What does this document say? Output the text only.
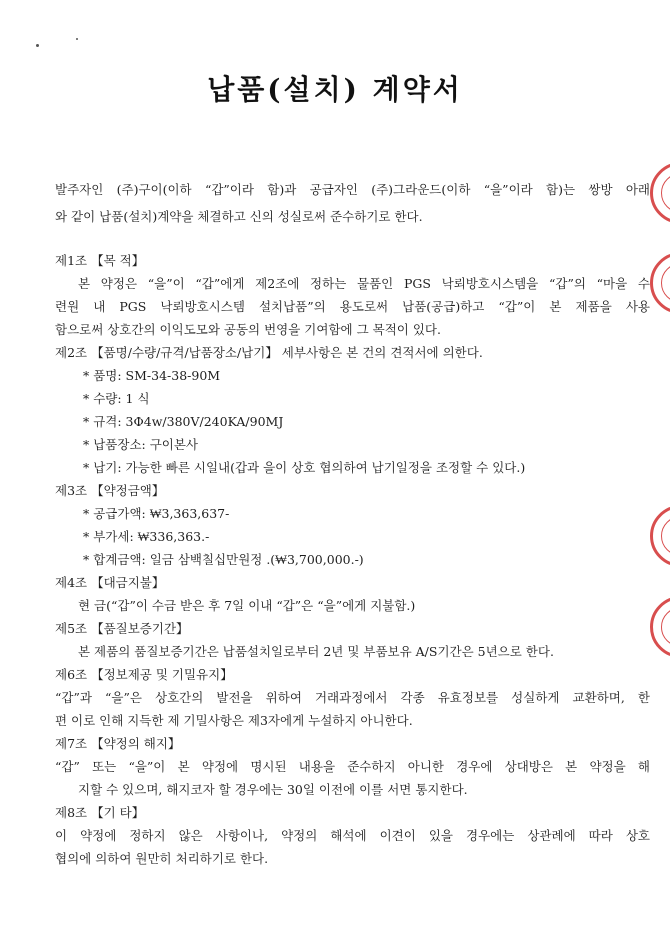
납품(설치) 계약서
발주자인 (주)구이(이하 “갑”이라 함)과 공급자인 (주)그라운드(이하 “을”이라 함)는 쌍방 아래
와 같이 납품(설치)계약을 체결하고 신의 성실로써 준수하기로 한다.
제1조 【목 적】
본 약정은 “을”이 “갑”에게 제2조에 정하는 물품인 PGS 낙뢰방호시스템을 “갑”의 “마을 수
련원 내 PGS 낙뢰방호시스템 설치납품”의 용도로써 납품(공급)하고 “갑”이 본 제품을 사용
함으로써 상호간의 이익도모와 공동의 번영을 기여함에 그 목적이 있다.
제2조 【품명/수량/규격/납품장소/납기】 세부사항은 본 건의 견적서에 의한다.
* 품명: SM-34-38-90M
* 수량: 1 식
* 규격: 3Φ4w/380V/240KA/90MJ
* 납품장소: 구이본사
* 납기: 가능한 빠른 시일내(갑과 을이 상호 협의하여 납기일정을 조정할 수 있다.)
제3조 【약정금액】
* 공급가액: ₩3,363,637-
* 부가세: ₩336,363.-
* 합계금액: 일금 삼백칠십만원정 .(₩3,700,000.-)
제4조 【대금지불】
현 금(“갑”이 수금 받은 후 7일 이내 “갑”은 “을”에게 지불함.)
제5조 【품질보증기간】
본 제품의 품질보증기간은 납품설치일로부터 2년 및 부품보유 A/S기간은 5년으로 한다.
제6조 【정보제공 및 기밀유지】
“갑”과 “을”은 상호간의 발전을 위하여 거래과정에서 각종 유효정보를 성실하게 교환하며, 한
편 이로 인해 지득한 제 기밀사항은 제3자에게 누설하지 아니한다.
제7조 【약정의 해지】
“갑” 또는 “을”이 본 약정에 명시된 내용을 준수하지 아니한 경우에 상대방은 본 약정을 해
지할 수 있으며, 해지코자 할 경우에는 30일 이전에 이를 서면 통지한다.
제8조 【기 타】
이 약정에 정하지 않은 사항이나, 약정의 해석에 이견이 있을 경우에는 상관례에 따라 상호
협의에 의하여 원만히 처리하기로 한다.
